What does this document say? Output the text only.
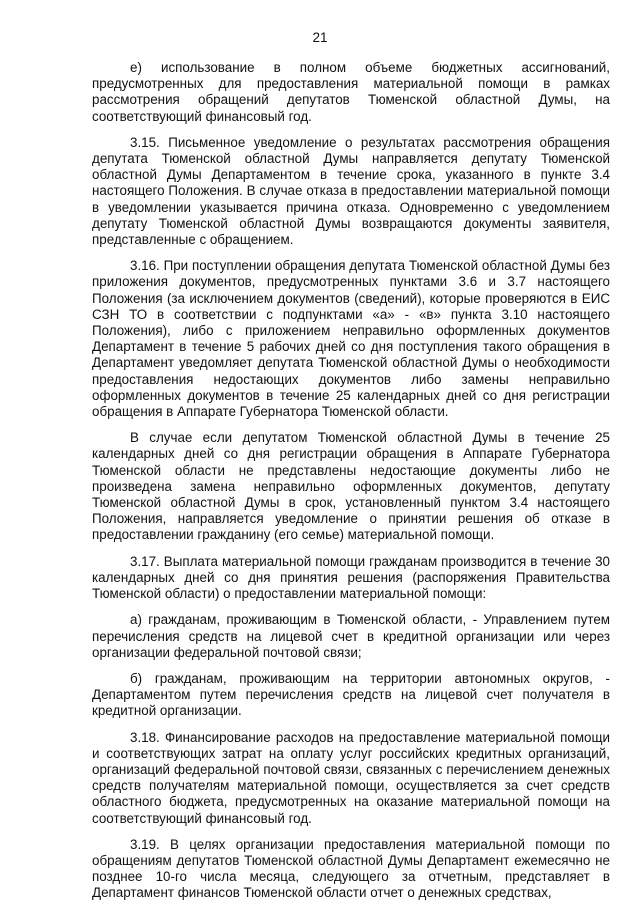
21

е) использование в полном объеме бюджетных ассигнований, предусмотренных для предоставления материальной помощи в рамках рассмотрения обращений депутатов Тюменской областной Думы, на соответствующий финансовый год.

3.15. Письменное уведомление о результатах рассмотрения обращения депутата Тюменской областной Думы направляется депутату Тюменской областной Думы Департаментом в течение срока, указанного в пункте 3.4 настоящего Положения. В случае отказа в предоставлении материальной помощи в уведомлении указывается причина отказа. Одновременно с уведомлением депутату Тюменской областной Думы возвращаются документы заявителя, представленные с обращением.

3.16. При поступлении обращения депутата Тюменской областной Думы без приложения документов, предусмотренных пунктами 3.6 и 3.7 настоящего Положения (за исключением документов (сведений), которые проверяются в ЕИС СЗН ТО в соответствии с подпунктами «а» - «в» пункта 3.10 настоящего Положения), либо с приложением неправильно оформленных документов Департамент в течение 5 рабочих дней со дня поступления такого обращения в Департамент уведомляет депутата Тюменской областной Думы о необходимости предоставления недостающих документов либо замены неправильно оформленных документов в течение 25 календарных дней со дня регистрации обращения в Аппарате Губернатора Тюменской области.

В случае если депутатом Тюменской областной Думы в течение 25 календарных дней со дня регистрации обращения в Аппарате Губернатора Тюменской области не представлены недостающие документы либо не произведена замена неправильно оформленных документов, депутату Тюменской областной Думы в срок, установленный пунктом 3.4 настоящего Положения, направляется уведомление о принятии решения об отказе в предоставлении гражданину (его семье) материальной помощи.

3.17. Выплата материальной помощи гражданам производится в течение 30 календарных дней со дня принятия решения (распоряжения Правительства Тюменской области) о предоставлении материальной помощи:

а) гражданам, проживающим в Тюменской области, - Управлением путем перечисления средств на лицевой счет в кредитной организации или через организации федеральной почтовой связи;

б) гражданам, проживающим на территории автономных округов, - Департаментом путем перечисления средств на лицевой счет получателя в кредитной организации.

3.18. Финансирование расходов на предоставление материальной помощи и соответствующих затрат на оплату услуг российских кредитных организаций, организаций федеральной почтовой связи, связанных с перечислением денежных средств получателям материальной помощи, осуществляется за счет средств областного бюджета, предусмотренных на оказание материальной помощи на соответствующий финансовый год.

3.19. В целях организации предоставления материальной помощи по обращениям депутатов Тюменской областной Думы Департамент ежемесячно не позднее 10-го числа месяца, следующего за отчетным, представляет в Департамент финансов Тюменской области отчет о денежных средствах,
